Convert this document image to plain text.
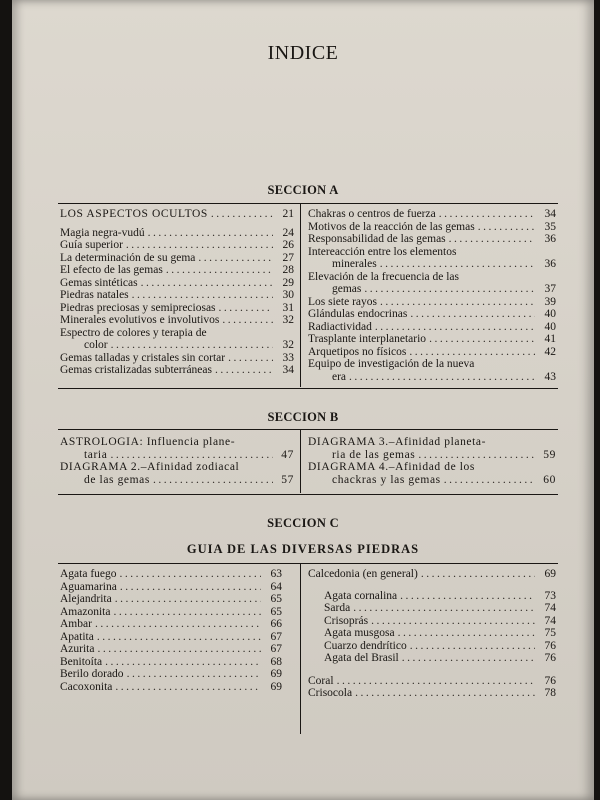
INDICE
SECCION A
LOS ASPECTOS OCULTOS .....	21
Magia negra-vudú .....	24
Guía superior .....	26
La determinación de su gema .....	27
El efecto de las gemas .....	28
Gemas sintéticas .....	29
Piedras natales .....	30
Piedras preciosas y semipreciosas .....	31
Minerales evolutivos e involutivos .....	32
Espectro de colores y terapia de
color .....	32
Gemas talladas y cristales sin cortar .....	33
Gemas cristalizadas subterráneas .....	34
Chakras o centros de fuerza .....	34
Motivos de la reacción de las gemas .....	35
Responsabilidad de las gemas .....	36
Intereacción entre los elementos
minerales .....	36
Elevación de la frecuencia de las
gemas .....	37
Los siete rayos .....	39
Glándulas endocrinas .....	40
Radiactividad .....	40
Trasplante interplanetario .....	41
Arquetipos no físicos .....	42
Equipo de investigación de la nueva
era .....	43
SECCION B
ASTROLOGIA: Influencia plane-
taria .....	47
DIAGRAMA 2.–Afinidad zodiacal
de las gemas .....	57
DIAGRAMA 3.–Afinidad planeta-
ria de las gemas .....	59
DIAGRAMA 4.–Afinidad de los
chackras y las gemas .....	60
SECCION C
GUIA DE LAS DIVERSAS PIEDRAS
Agata fuego .....	63
Aguamarina .....	64
Alejandrita .....	65
Amazonita .....	65
Ambar .....	66
Apatita .....	67
Azurita .....	67
Benitoíta .....	68
Berilo dorado .....	69
Cacoxonita .....	69
Calcedonia (en general) .....	69
Agata cornalina .....	73
Sarda .....	74
Crisoprás .....	74
Agata musgosa .....	75
Cuarzo dendrítico .....	76
Agata del Brasil .....	76
Coral .....	76
Crisocola .....	78
